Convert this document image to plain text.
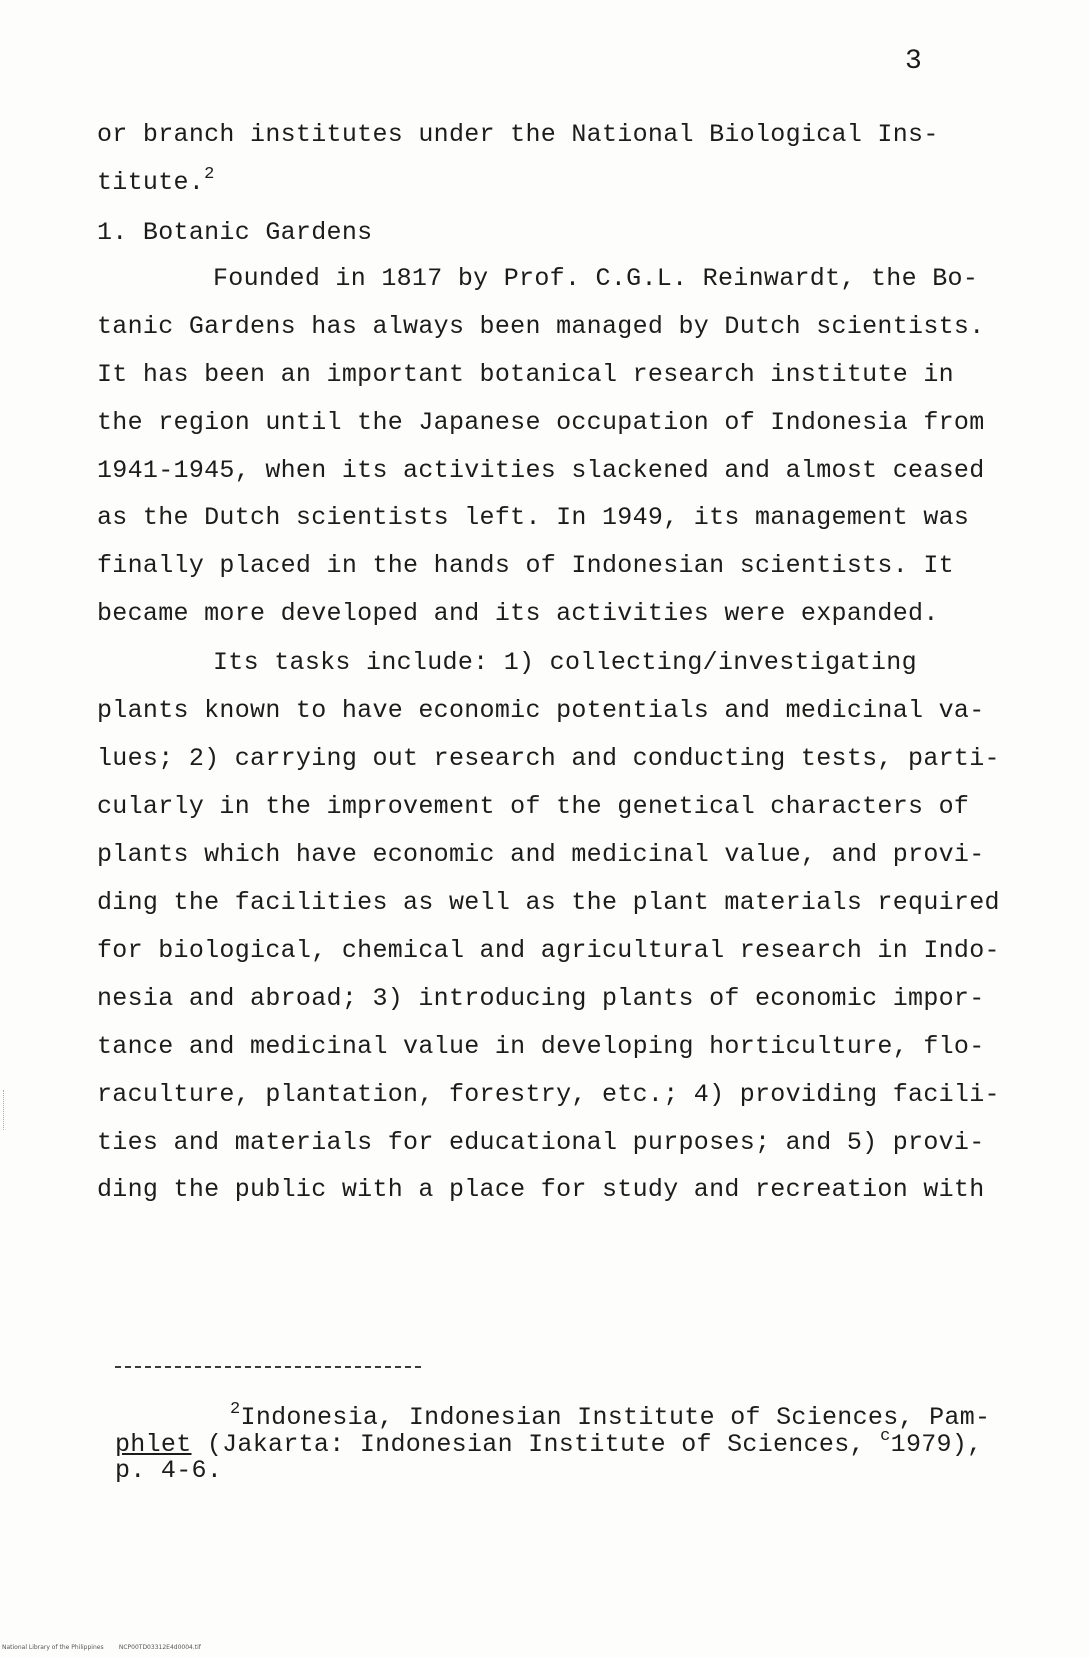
3
or branch institutes under the National Biological Ins-
titute.$^2$
1. Botanic Gardens
Founded in 1817 by Prof. C.G.L. Reinwardt, the Bo-
tanic Gardens has always been managed by Dutch scientists.
It has been an important botanical research institute in
the region until the Japanese occupation of Indonesia from
1941-1945, when its activities slackened and almost ceased
as the Dutch scientists left. In 1949, its management was
finally placed in the hands of Indonesian scientists. It
became more developed and its activities were expanded.
Its tasks include: 1) collecting/investigating
plants known to have economic potentials and medicinal va-
lues; 2) carrying out research and conducting tests, parti-
cularly in the improvement of the genetical characters of
plants which have economic and medicinal value, and provi-
ding the facilities as well as the plant materials required
for biological, chemical and agricultural research in Indo-
nesia and abroad; 3) introducing plants of economic impor-
tance and medicinal value in developing horticulture, flo-
raculture, plantation, forestry, etc.; 4) providing facili-
ties and materials for educational purposes; and 5) provi-
ding the public with a place for study and recreation with
$^2$Indonesia, Indonesian Institute of Sciences, Pam-
phlet (Jakarta: Indonesian Institute of Sciences, $^c$1979),
p. 4-6.
National Library of the Philippines	NCP00TD03312E4d0004.tif
